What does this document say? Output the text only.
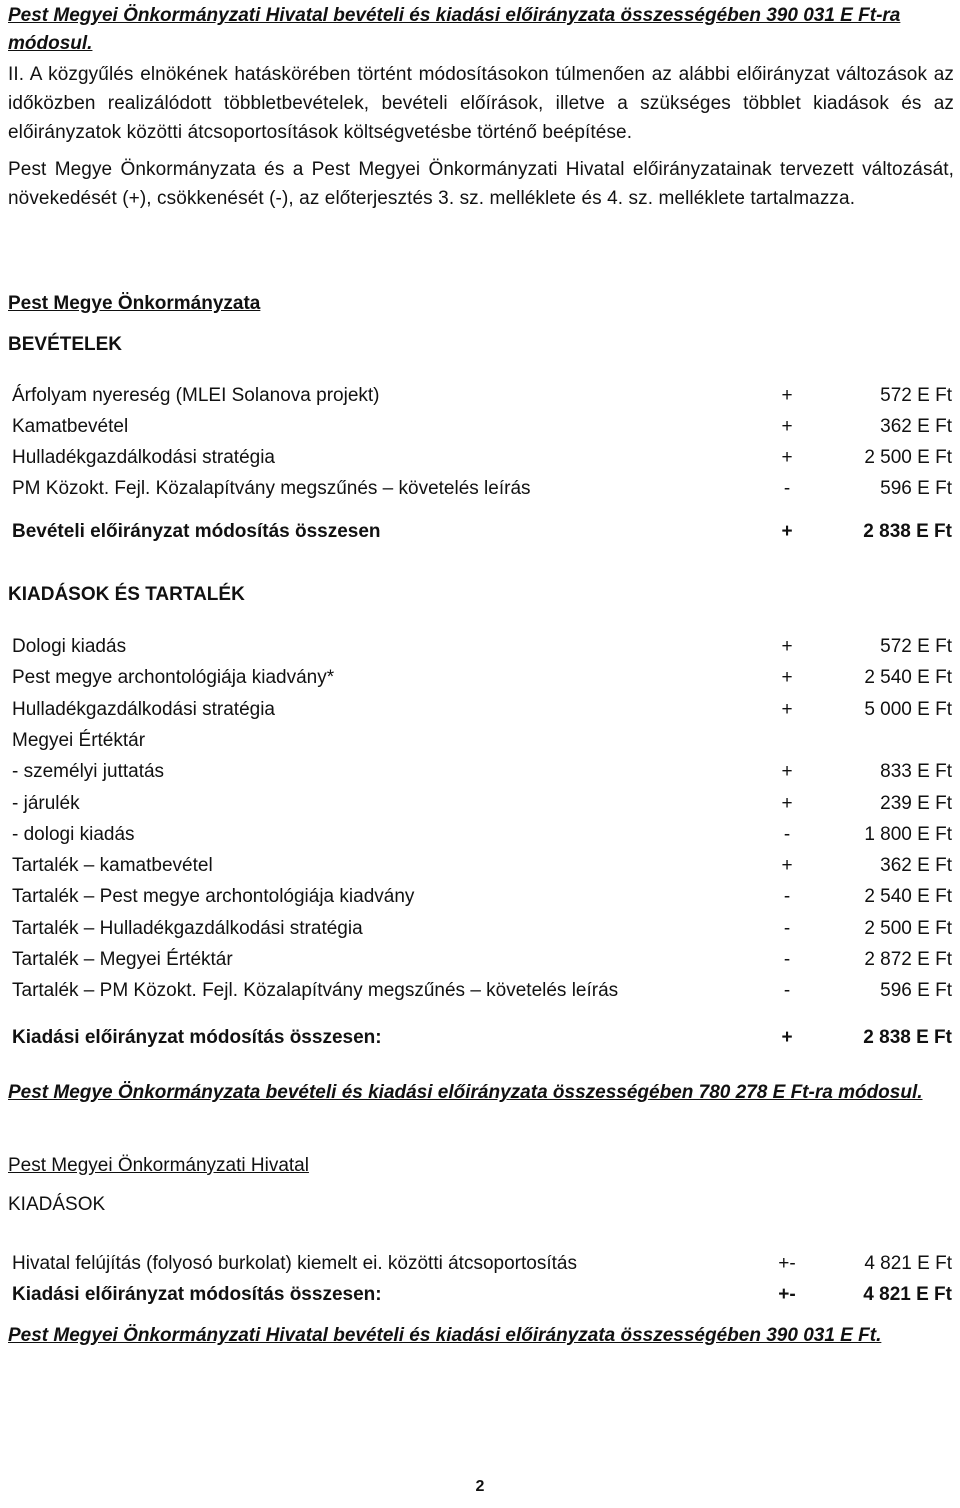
Pest Megyei Önkormányzati Hivatal bevételi és kiadási előirányzata összességében 390 031 E Ft-ra
módosul.
II. A közgyűlés elnökének hatáskörében történt módosításokon túlmenően az alábbi előirányzat változások az időközben realizálódott többletbevételek, bevételi előírások, illetve a szükséges többlet kiadások és az előirányzatok közötti átcsoportosítások költségvetésbe történő beépítése.
Pest Megye Önkormányzata és a Pest Megyei Önkormányzati Hivatal előirányzatainak tervezett változását, növekedését (+), csökkenését (-), az előterjesztés 3. sz. melléklete és 4. sz. melléklete tartalmazza.
Pest Megye Önkormányzata
BEVÉTELEK
Árfolyam nyereség (MLEI Solanova projekt)	+	572 E Ft
Kamatbevétel	+	362 E Ft
Hulladékgazdálkodási stratégia	+	2 500 E Ft
PM Közokt. Fejl. Közalapítvány megszűnés – követelés leírás	-	596 E Ft
Bevételi előirányzat módosítás összesen	+	2 838 E Ft
KIADÁSOK ÉS TARTALÉK
Dologi kiadás	+	572 E Ft
Pest megye archontológiája kiadvány*	+	2 540 E Ft
Hulladékgazdálkodási stratégia	+	5 000 E Ft
Megyei Értéktár
- személyi juttatás	+	833 E Ft
- járulék	+	239 E Ft
- dologi kiadás	-	1 800 E Ft
Tartalék – kamatbevétel	+	362 E Ft
Tartalék – Pest megye archontológiája kiadvány	-	2 540 E Ft
Tartalék – Hulladékgazdálkodási stratégia	-	2 500 E Ft
Tartalék – Megyei Értéktár	-	2 872 E Ft
Tartalék – PM Közokt. Fejl. Közalapítvány megszűnés – követelés leírás	-	596 E Ft
Kiadási előirányzat módosítás összesen:	+	2 838 E Ft
Pest Megye Önkormányzata bevételi és kiadási előirányzata összességében 780 278 E Ft-ra módosul.
Pest Megyei Önkormányzati Hivatal
KIADÁSOK
Hivatal felújítás (folyosó burkolat) kiemelt ei. közötti átcsoportosítás	+-	4 821 E Ft
Kiadási előirányzat módosítás összesen:	+-	4 821 E Ft
Pest Megyei Önkormányzati Hivatal bevételi és kiadási előirányzata összességében 390 031 E Ft.
2
